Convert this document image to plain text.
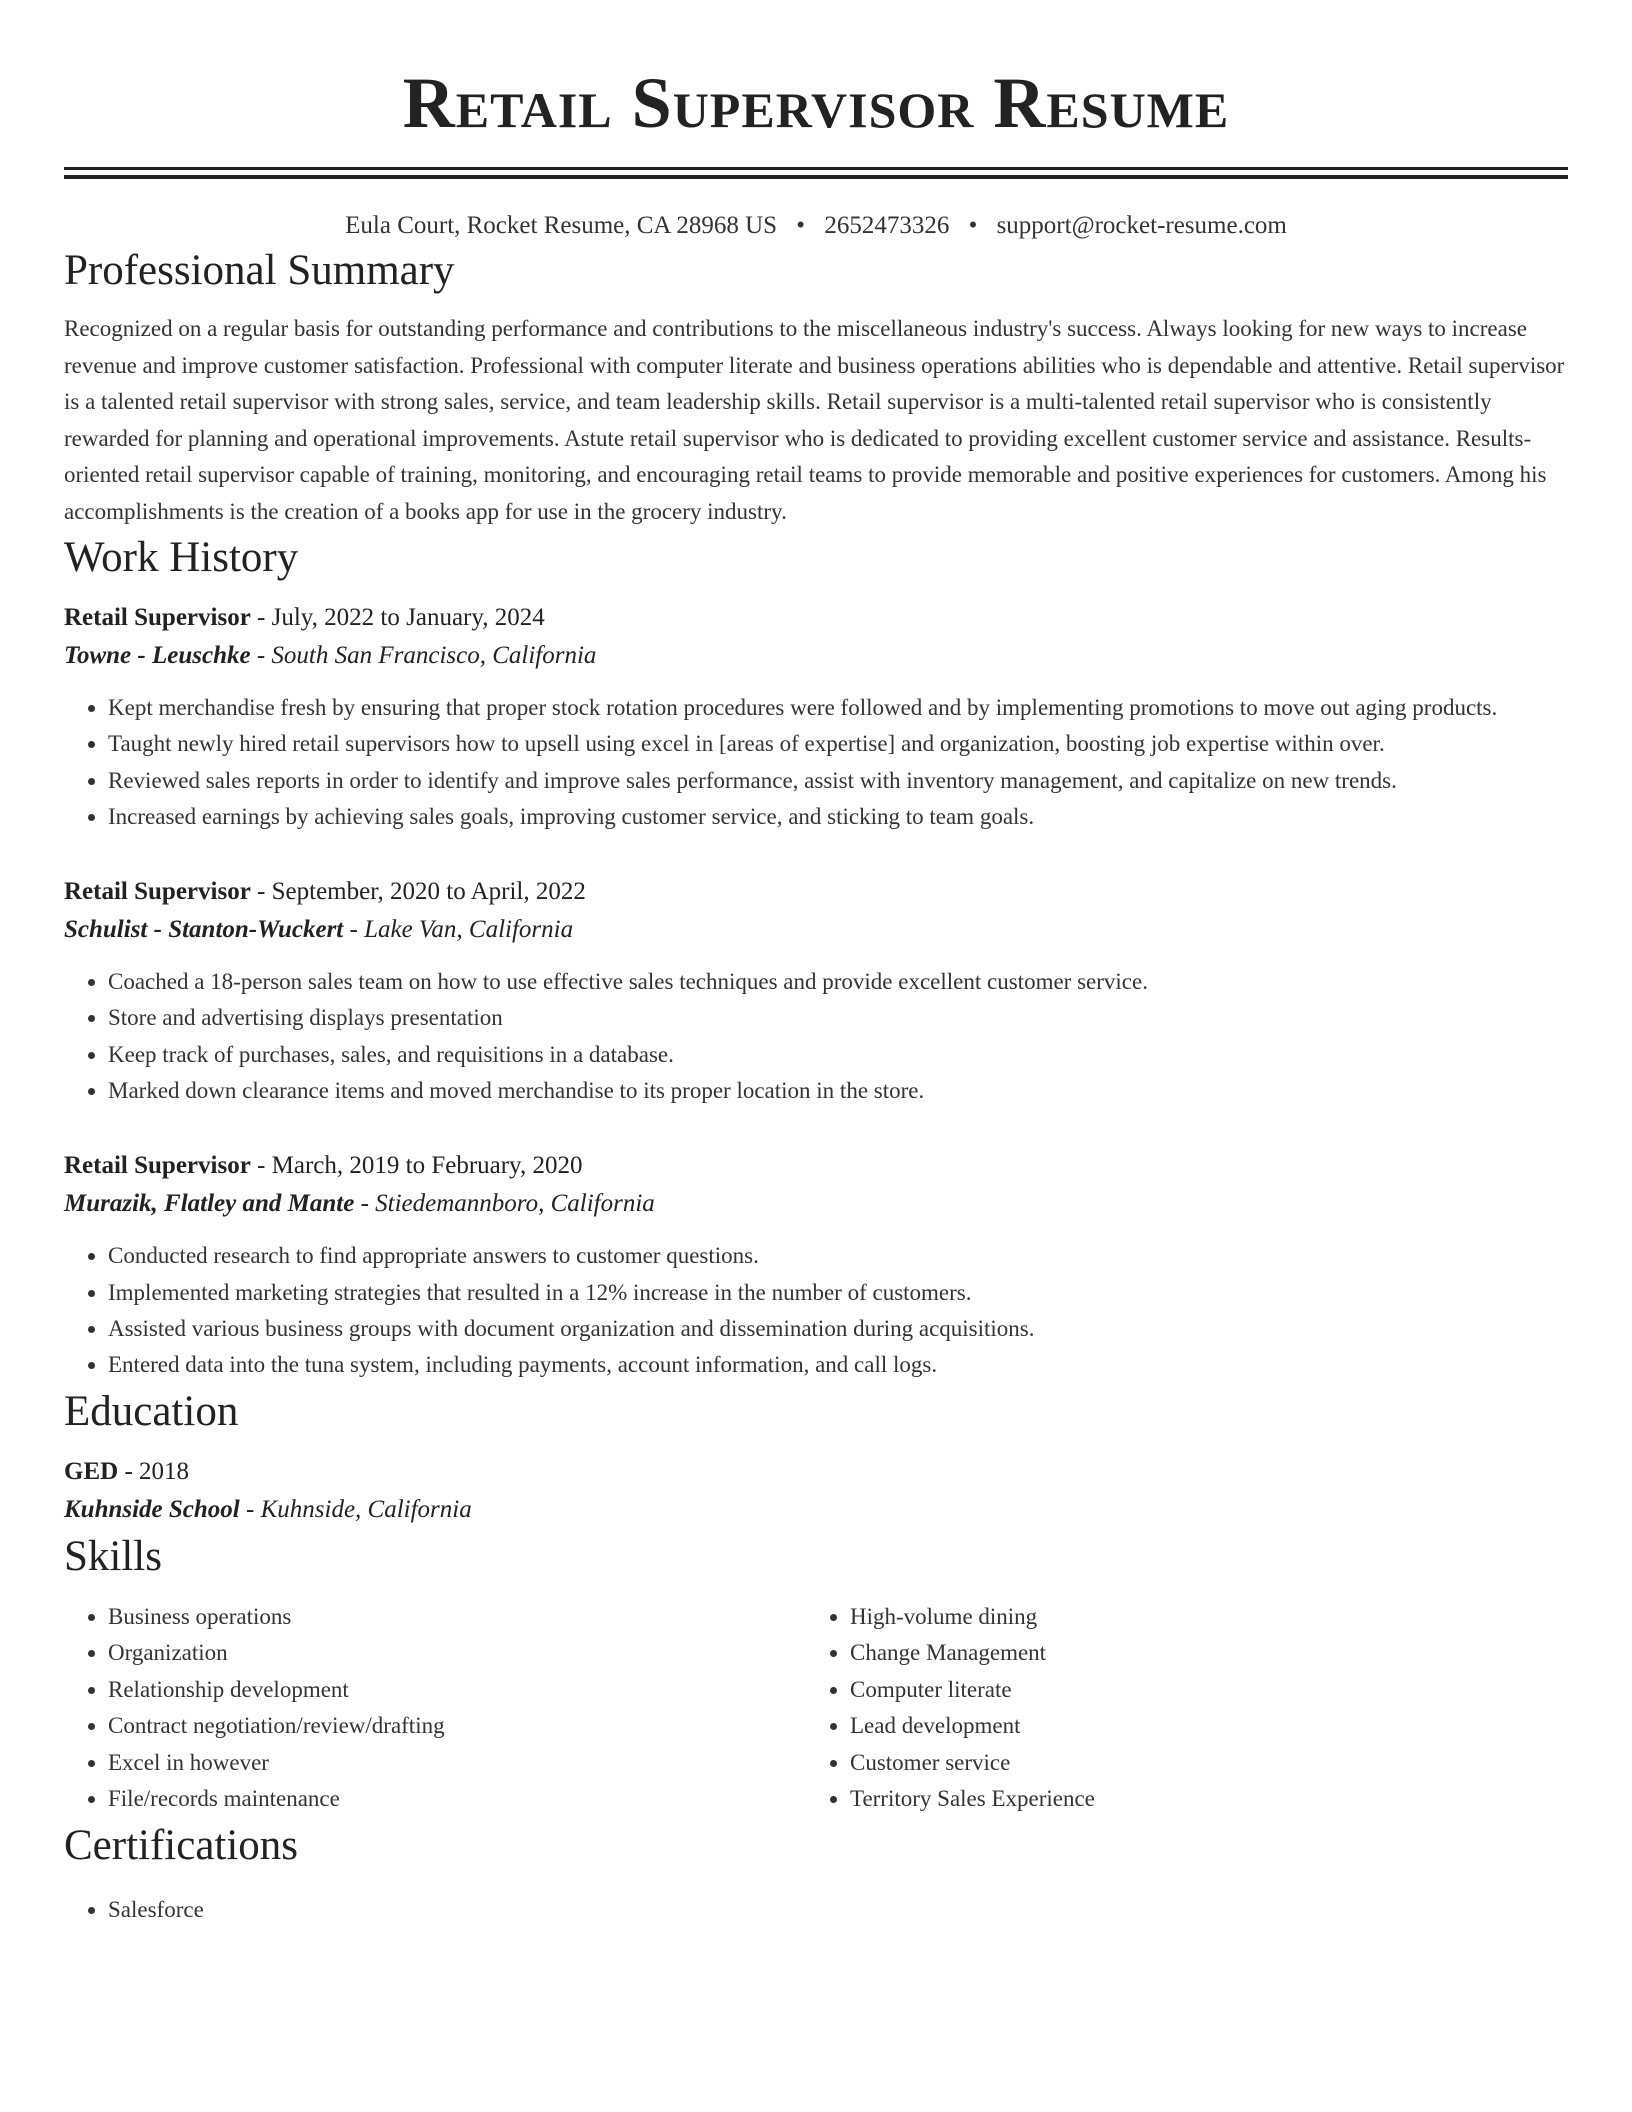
Retail Supervisor Resume
Eula Court, Rocket Resume, CA 28968 US • 2652473326 • support@rocket-resume.com
Professional Summary

Recognized on a regular basis for outstanding performance and contributions to the miscellaneous industry's success. Always looking for new ways to increase revenue and improve customer satisfaction. Professional with computer literate and business operations abilities who is dependable and attentive. Retail supervisor is a talented retail supervisor with strong sales, service, and team leadership skills. Retail supervisor is a multi-talented retail supervisor who is consistently rewarded for planning and operational improvements. Astute retail supervisor who is dedicated to providing excellent customer service and assistance. Results-oriented retail supervisor capable of training, monitoring, and encouraging retail teams to provide memorable and positive experiences for customers. Among his accomplishments is the creation of a books app for use in the grocery industry.

Work History
Retail Supervisor - July, 2022 to January, 2024
Towne - Leuschke - South San Francisco, California
• Kept merchandise fresh by ensuring that proper stock rotation procedures were followed and by implementing promotions to move out aging products.
• Taught newly hired retail supervisors how to upsell using excel in [areas of expertise] and organization, boosting job expertise within over.
• Reviewed sales reports in order to identify and improve sales performance, assist with inventory management, and capitalize on new trends.
• Increased earnings by achieving sales goals, improving customer service, and sticking to team goals.
Retail Supervisor - September, 2020 to April, 2022
Schulist - Stanton-Wuckert - Lake Van, California
• Coached a 18-person sales team on how to use effective sales techniques and provide excellent customer service.
• Store and advertising displays presentation
• Keep track of purchases, sales, and requisitions in a database.
• Marked down clearance items and moved merchandise to its proper location in the store.
Retail Supervisor - March, 2019 to February, 2020
Murazik, Flatley and Mante - Stiedemannboro, California
• Conducted research to find appropriate answers to customer questions.
• Implemented marketing strategies that resulted in a 12% increase in the number of customers.
• Assisted various business groups with document organization and dissemination during acquisitions.
• Entered data into the tuna system, including payments, account information, and call logs.
Education
GED - 2018
Kuhnside School - Kuhnside, California
Skills
• Business operations
• Organization
• Relationship development
• Contract negotiation/review/drafting
• Excel in however
• File/records maintenance
• High-volume dining
• Change Management
• Computer literate
• Lead development
• Customer service
• Territory Sales Experience
Certifications
• Salesforce
